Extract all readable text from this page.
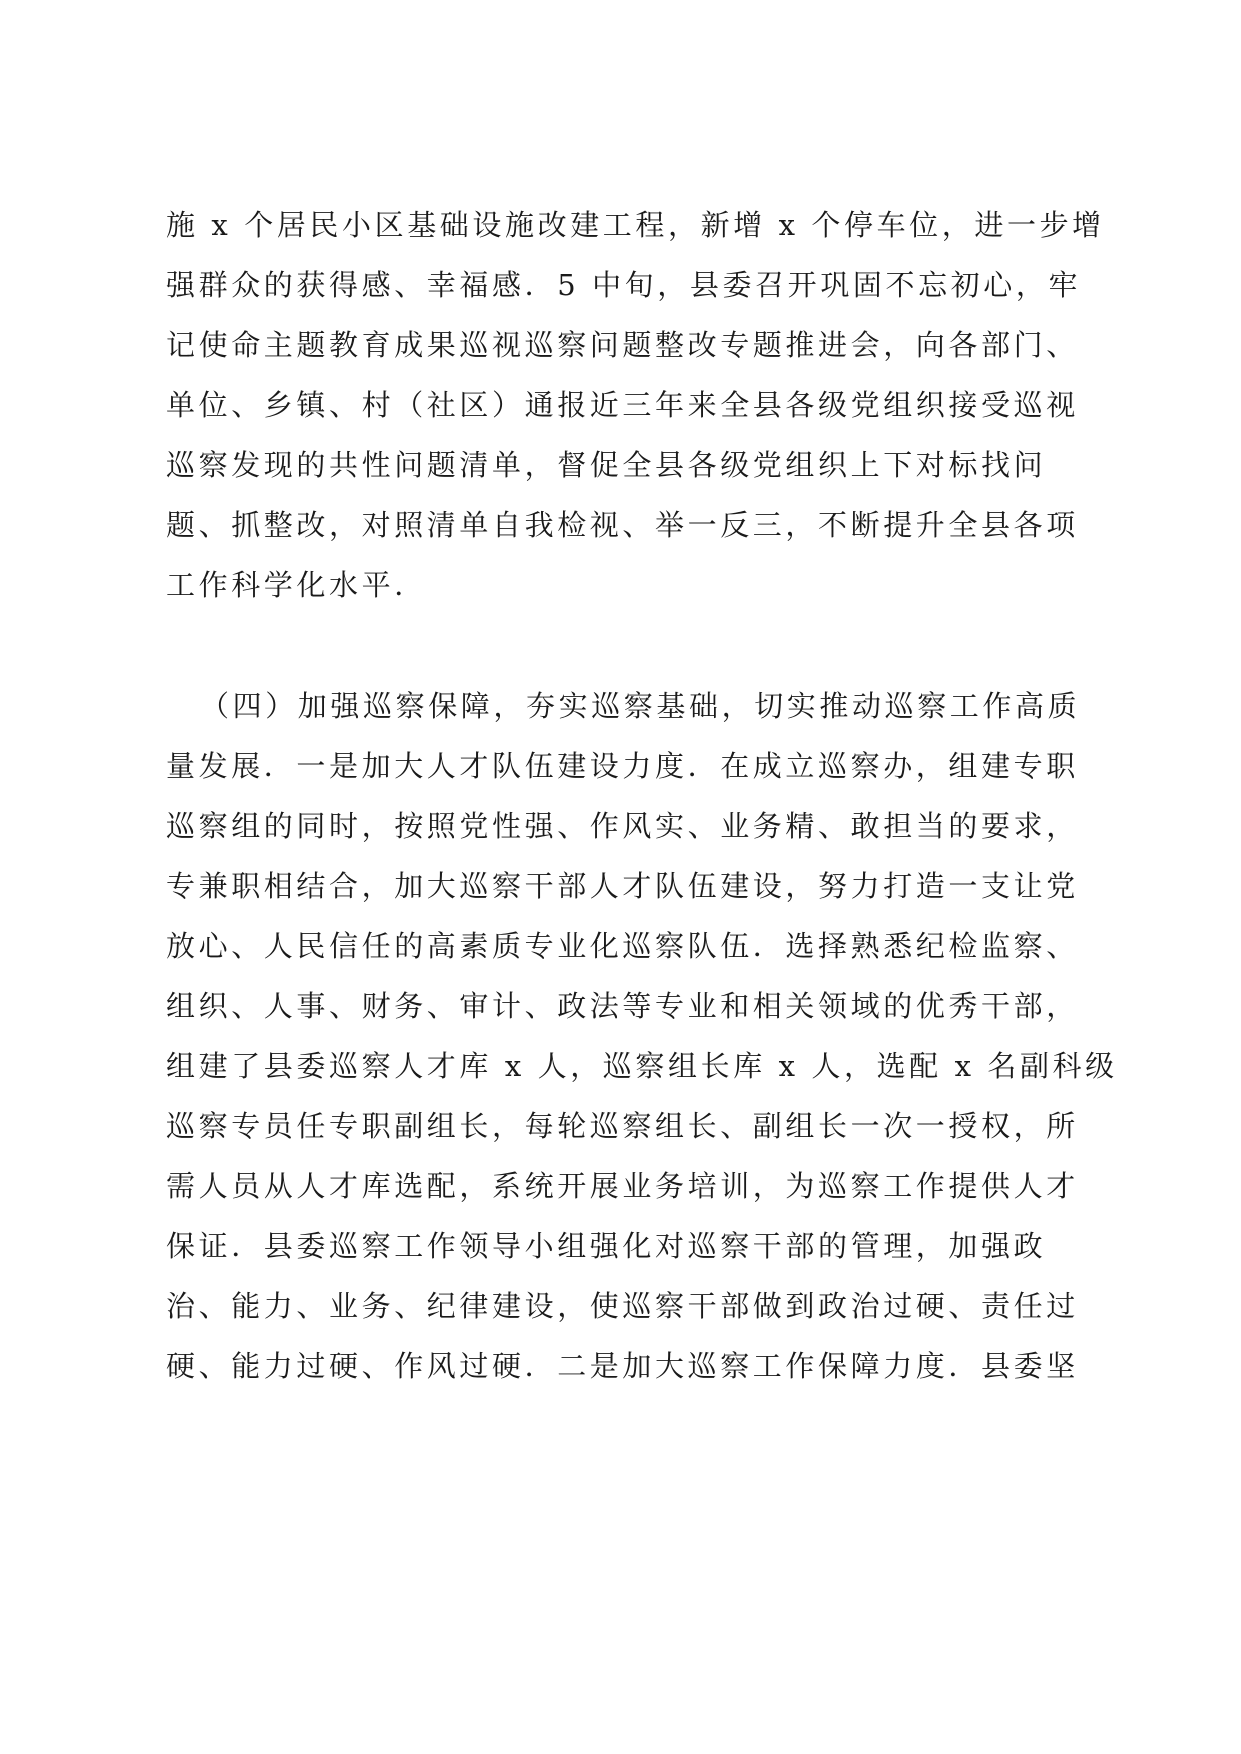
施 x 个居民小区基础设施改建工程，新增 x 个停车位，进一步增
强群众的获得感、幸福感．5 中旬，县委召开巩固不忘初心，牢
记使命主题教育成果巡视巡察问题整改专题推进会，向各部门、
单位、乡镇、村（社区）通报近三年来全县各级党组织接受巡视
巡察发现的共性问题清单，督促全县各级党组织上下对标找问
题、抓整改，对照清单自我检视、举一反三，不断提升全县各项
工作科学化水平．
（四）加强巡察保障，夯实巡察基础，切实推动巡察工作高质
量发展．一是加大人才队伍建设力度．在成立巡察办，组建专职
巡察组的同时，按照党性强、作风实、业务精、敢担当的要求，
专兼职相结合，加大巡察干部人才队伍建设，努力打造一支让党
放心、人民信任的高素质专业化巡察队伍．选择熟悉纪检监察、
组织、人事、财务、审计、政法等专业和相关领域的优秀干部，
组建了县委巡察人才库 x 人，巡察组长库 x 人，选配 x 名副科级
巡察专员任专职副组长，每轮巡察组长、副组长一次一授权，所
需人员从人才库选配，系统开展业务培训，为巡察工作提供人才
保证．县委巡察工作领导小组强化对巡察干部的管理，加强政
治、能力、业务、纪律建设，使巡察干部做到政治过硬、责任过
硬、能力过硬、作风过硬．二是加大巡察工作保障力度．县委坚
